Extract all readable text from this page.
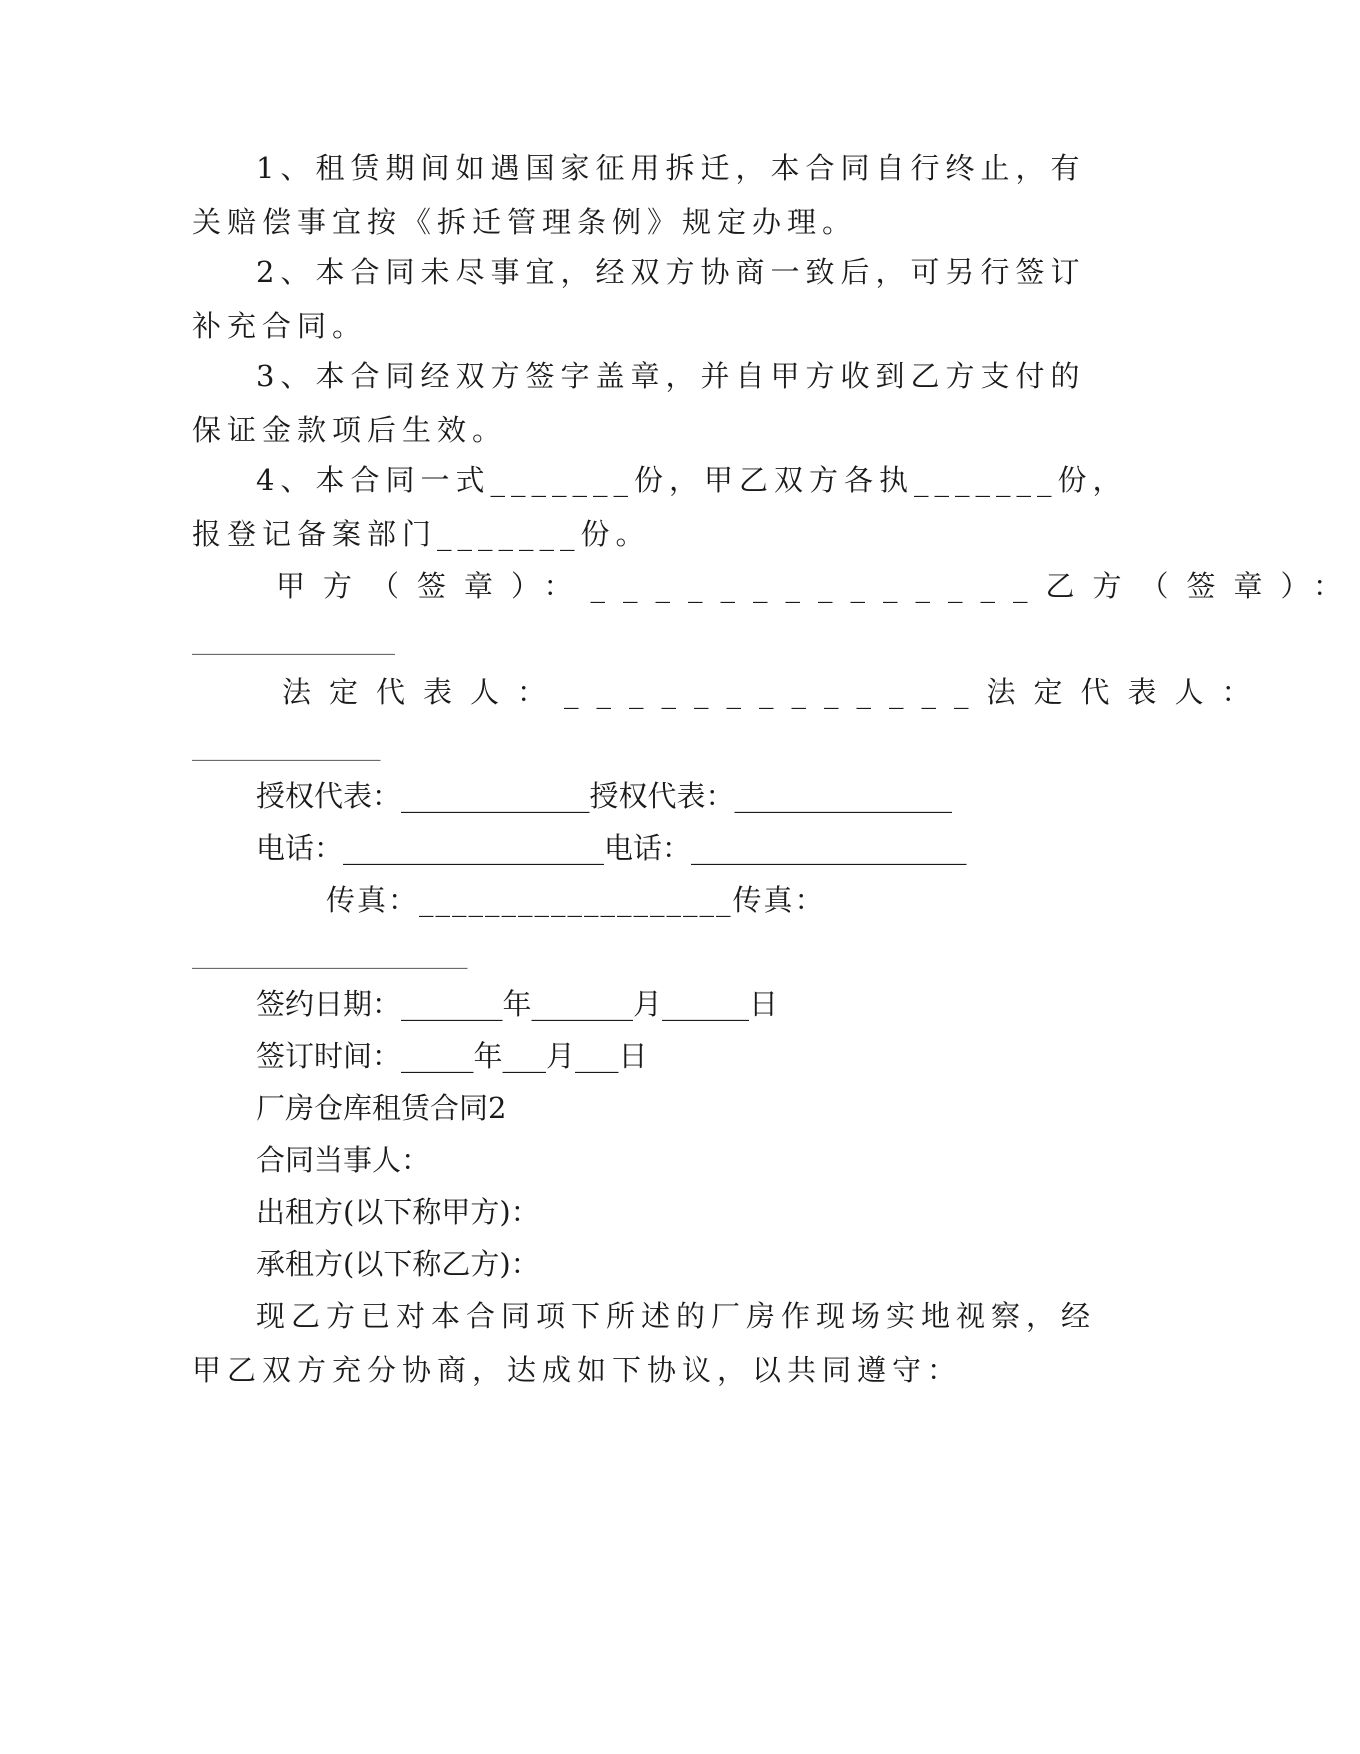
1、租赁期间如遇国家征用拆迁，本合同自行终止，有
关赔偿事宜按《拆迁管理条例》规定办理。
2、本合同未尽事宜，经双方协商一致后，可另行签订
补充合同。
3、本合同经双方签字盖章，并自甲方收到乙方支付的
保证金款项后生效。
4、本合同一式_______份，甲乙双方各执_______份，
报登记备案部门_______份。
甲方（签章）：______________乙方（签章）：
______________
法定代表人：_____________法定代表人：
_____________
授权代表：_____________授权代表：_______________
电话：__________________电话：___________________
传真：___________________传真：
___________________
签约日期：_______年_______月______日
签订时间：_____年___月___日
厂房仓库租赁合同2
合同当事人：
出租方(以下称甲方)：
承租方(以下称乙方)：
现乙方已对本合同项下所述的厂房作现场实地视察，经
甲乙双方充分协商，达成如下协议，以共同遵守：
